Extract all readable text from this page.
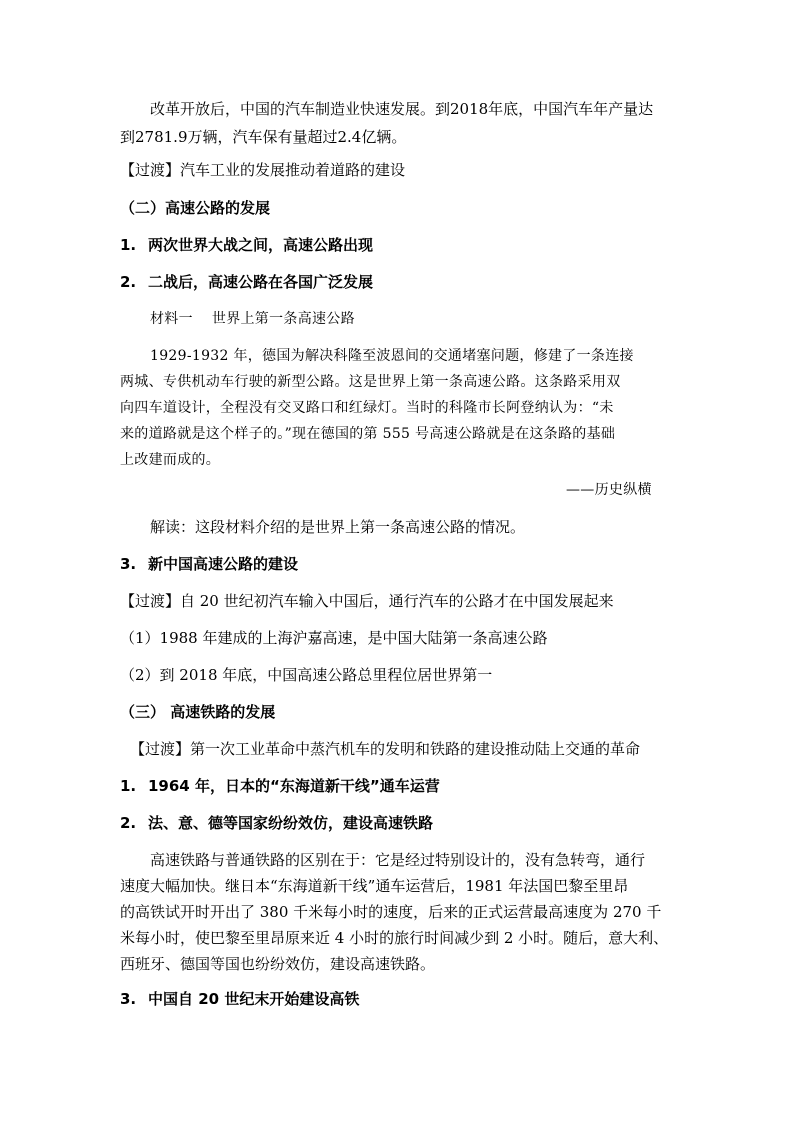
改革开放后，中国的汽车制造业快速发展。到2018年底，中国汽车年产量达
到2781.9万辆，汽车保有量超过2.4亿辆。
【过渡】汽车工业的发展推动着道路的建设
（二）高速公路的发展
1. 两次世界大战之间，高速公路出现
2. 二战后，高速公路在各国广泛发展
材料一    世界上第一条高速公路
1929-1932 年，德国为解决科隆至波恩间的交通堵塞问题，修建了一条连接
两城、专供机动车行驶的新型公路。这是世界上第一条高速公路。这条路采用双
向四车道设计，全程没有交叉路口和红绿灯。当时的科隆市长阿登纳认为：“未
来的道路就是这个样子的。”现在德国的第 555 号高速公路就是在这条路的基础
上改建而成的。
——历史纵横
解读：这段材料介绍的是世界上第一条高速公路的情况。
3. 新中国高速公路的建设
【过渡】自 20 世纪初汽车输入中国后，通行汽车的公路才在中国发展起来
（1）1988 年建成的上海沪嘉高速，是中国大陆第一条高速公路
（2）到 2018 年底，中国高速公路总里程位居世界第一
（三） 高速铁路的发展
【过渡】第一次工业革命中蒸汽机车的发明和铁路的建设推动陆上交通的革命
1. 1964 年，日本的“东海道新干线”通车运营
2. 法、意、德等国家纷纷效仿，建设高速铁路
高速铁路与普通铁路的区别在于：它是经过特别设计的，没有急转弯，通行
速度大幅加快。继日本“东海道新干线”通车运营后，1981 年法国巴黎至里昂
的高铁试开时开出了 380 千米每小时的速度，后来的正式运营最高速度为 270 千
米每小时，使巴黎至里昂原来近 4 小时的旅行时间减少到 2 小时。随后，意大利、
西班牙、德国等国也纷纷效仿，建设高速铁路。
3. 中国自 20 世纪末开始建设高铁
